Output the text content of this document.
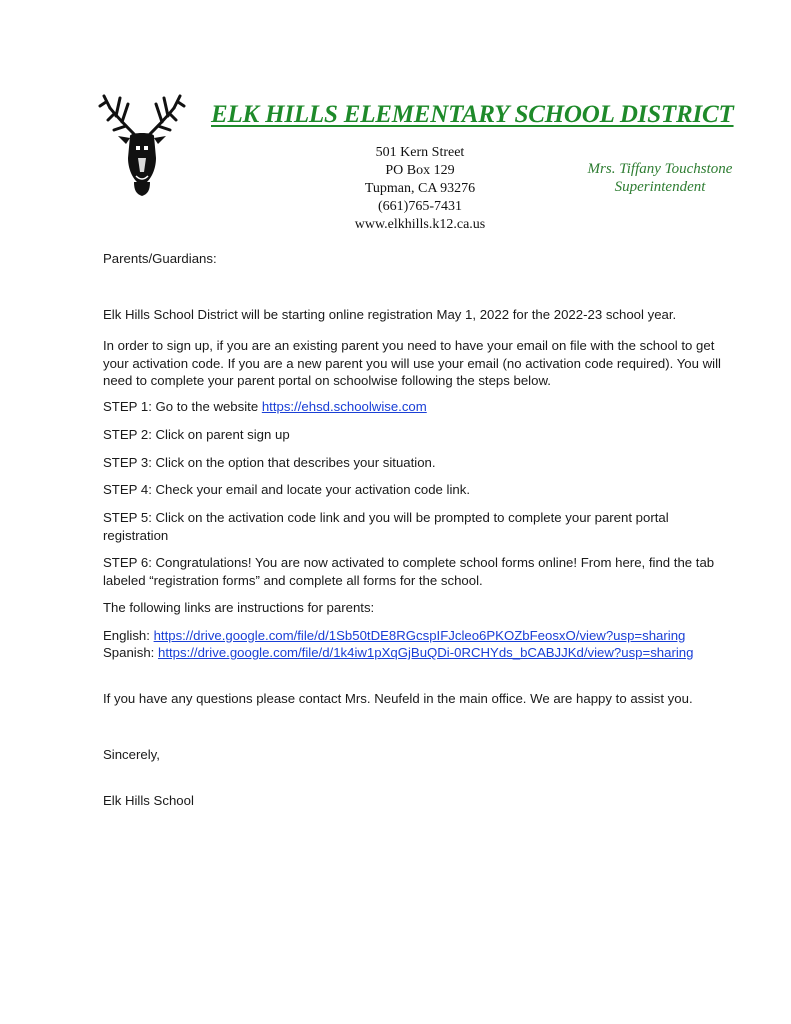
ELK HILLS ELEMENTARY SCHOOL DISTRICT
501 Kern Street
PO Box 129
Tupman, CA 93276
(661)765-7431
www.elkhills.k12.ca.us
Mrs. Tiffany Touchstone
Superintendent

Parents/Guardians:

Elk Hills School District will be starting online registration May 1, 2022 for the 2022-23 school year.

In order to sign up, if you are an existing parent you need to have your email on file with the school to get your activation code. If you are a new parent you will use your email (no activation code required). You will need to complete your parent portal on schoolwise following the steps below.

STEP 1: Go to the website https://ehsd.schoolwise.com

STEP 2: Click on parent sign up

STEP 3: Click on the option that describes your situation.

STEP 4: Check your email and locate your activation code link.

STEP 5: Click on the activation code link and you will be prompted to complete your parent portal registration

STEP 6: Congratulations! You are now activated to complete school forms online! From here, find the tab labeled “registration forms” and complete all forms for the school.

The following links are instructions for parents:

English: https://drive.google.com/file/d/1Sb50tDE8RGcspIFJcleo6PKOZbFeosxO/view?usp=sharing

Spanish: https://drive.google.com/file/d/1k4iw1pXqGjBuQDi-0RCHYds_bCABJJKd/view?usp=sharing

If you have any questions please contact Mrs. Neufeld in the main office. We are happy to assist you.

Sincerely,

Elk Hills School
